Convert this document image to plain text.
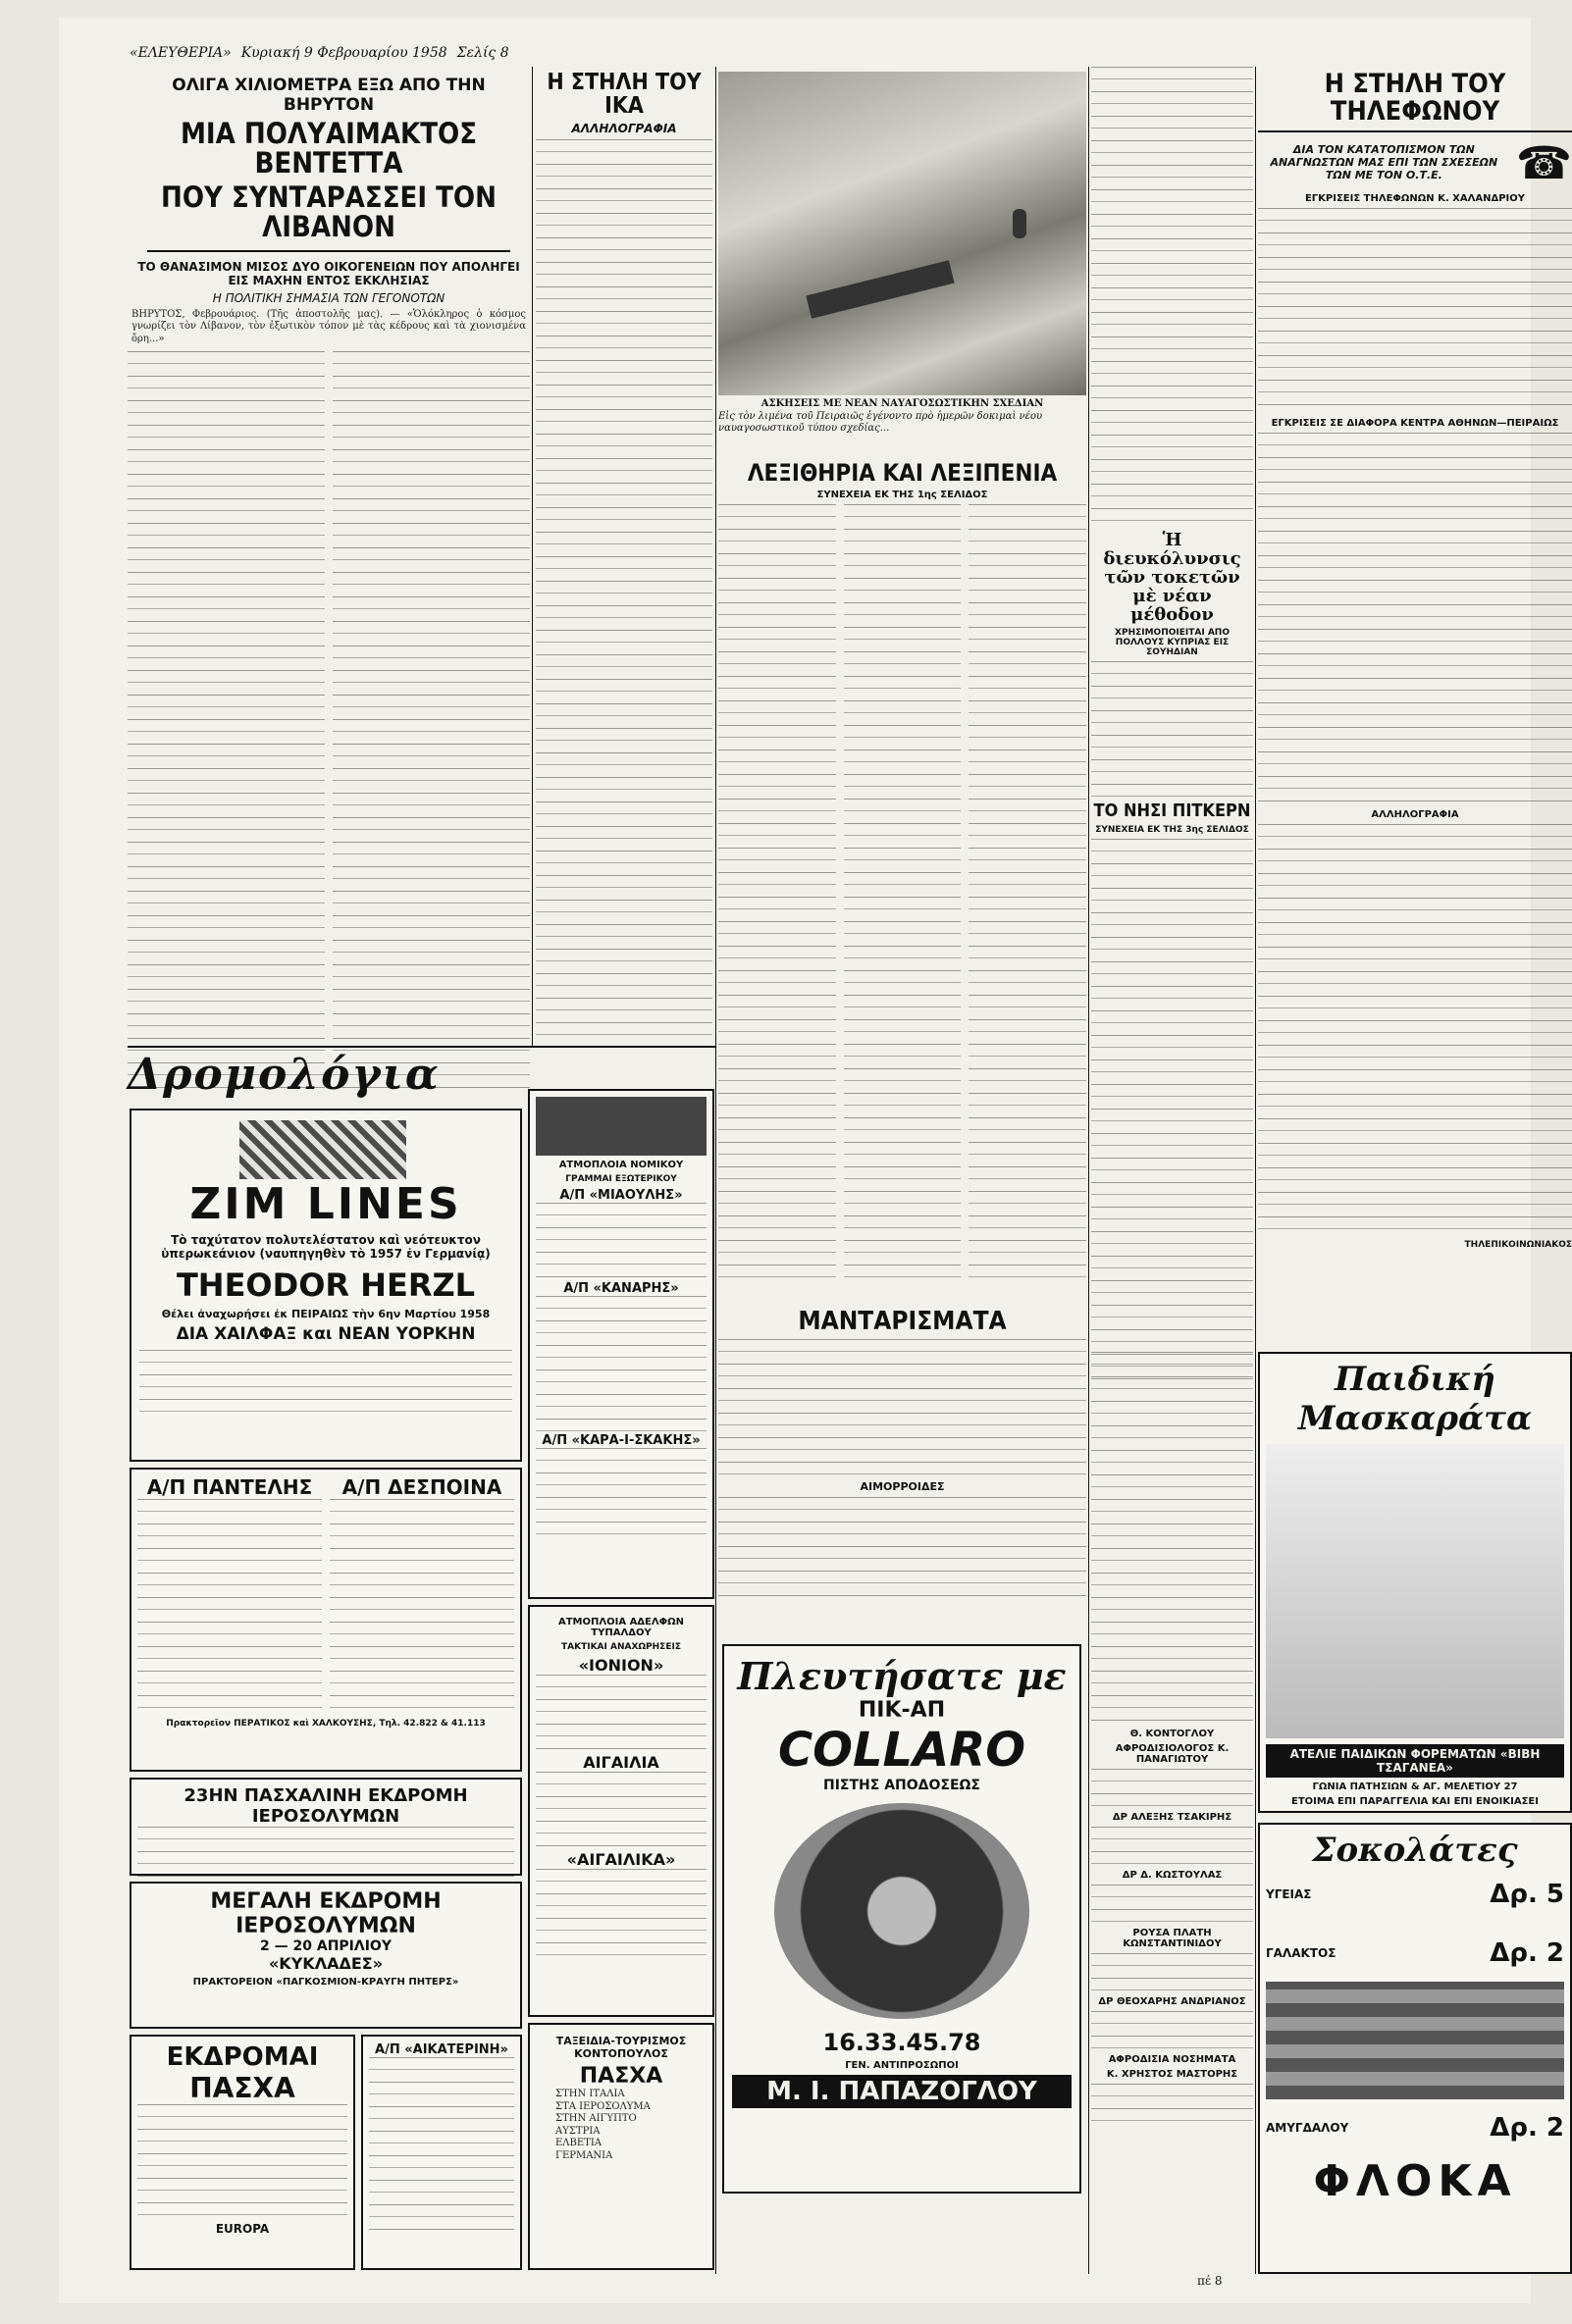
«ΕΛΕΥΘΕΡΙΑ» Κυριακή 9 Φεβρουαρίου 1958 Σελίς 8
ΟΛΙΓΑ ΧΙΛΙΟΜΕΤΡΑ ΕΞΩ ΑΠΟ ΤΗΝ ΒΗΡΥΤΟΝ
ΜΙΑ ΠΟΛΥΑΙΜΑΚΤΟΣ ΒΕΝΤΕΤΤΑ
ΠΟΥ ΣΥΝΤΑΡΑΣΣΕΙ ΤΟΝ ΛΙΒΑΝΟΝ
ΤΟ ΘΑΝΑΣΙΜΟΝ ΜΙΣΟΣ ΔΥΟ ΟΙΚΟΓΕΝΕΙΩΝ ΠΟΥ ΑΠΟΛΗΓΕΙ ΕΙΣ ΜΑΧΗΝ ΕΝΤΟΣ ΕΚΚΛΗΣΙΑΣ
Η ΠΟΛΙΤΙΚΗ ΣΗΜΑΣΙΑ ΤΩΝ ΓΕΓΟΝΟΤΩΝ
ΒΗΡΥΤΟΣ, Φεβρουάριος. (Τῆς ἀποστολῆς μας). — «Ὁλόκληρος ὁ κόσμος γνωρίζει τὸν Λίβανον, τὸν ἐξωτικὸν τόπον μὲ τὰς κέδρους καὶ τὰ χιονισμένα ὄρη...»
Η ΣΤΗΛΗ ΤΟΥ ΙΚΑ
ΑΛΛΗΛΟΓΡΑΦΙΑ
ΑΣΚΗΣΕΙΣ ΜΕ ΝΕΑΝ ΝΑΥΑΓΟΣΩΣΤΙΚΗΝ ΣΧΕΔΙΑΝ
Εἰς τὸν λιμένα τοῦ Πειραιῶς ἐγένοντο πρὸ ἡμερῶν δοκιμαὶ νέου ναυαγοσωστικοῦ τύπου σχεδίας...
ΛΕΞΙΘΗΡΙΑ ΚΑΙ ΛΕΞΙΠΕΝΙΑ
ΣΥΝΕΧΕΙΑ ΕΚ ΤΗΣ 1ης ΣΕΛΙΔΟΣ
Η ΣΤΗΛΗ ΤΟΥ ΤΗΛΕΦΩΝΟΥ
ΔΙΑ ΤΟΝ ΚΑΤΑΤΟΠΙΣΜΟΝ ΤΩΝ ΑΝΑΓΝΩΣΤΩΝ ΜΑΣ ΕΠΙ ΤΩΝ ΣΧΕΣΕΩΝ ΤΩΝ ΜΕ ΤΟΝ Ο.Τ.Ε.	☎
ΕΓΚΡΙΣΕΙΣ ΤΗΛΕΦΩΝΩΝ Κ. ΧΑΛΑΝΔΡΙΟΥ
ΕΓΚΡΙΣΕΙΣ ΣΕ ΔΙΑΦΟΡΑ ΚΕΝΤΡΑ ΑΘΗΝΩΝ—ΠΕΙΡΑΙΩΣ
ΑΛΛΗΛΟΓΡΑΦΙΑ
ΤΗΛΕΠΙΚΟΙΝΩΝΙΑΚΟΣ
Ἡ διευκόλυνσις τῶν τοκετῶν μὲ νέαν μέθοδον
ΧΡΗΣΙΜΟΠΟΙΕΙΤΑΙ ΑΠΟ ΠΟΛΛΟΥΣ ΚΥΠΡΙΑΣ ΕΙΣ ΣΟΥΗΔΙΑΝ
ΤΟ ΝΗΣΙ ΠΙΤΚΕΡΝ
ΣΥΝΕΧΕΙΑ ΕΚ ΤΗΣ 3ης ΣΕΛΙΔΟΣ
Δρομολόγια
ZIM LINES
Τὸ ταχύτατον πολυτελέστατον καὶ νεότευκτον ὑπερωκεάνιον (ναυπηγηθὲν τὸ 1957 ἐν Γερμανίᾳ)
THEODOR HERZL
Θέλει ἀναχωρήσει ἐκ ΠΕΙΡΑΙΩΣ τὴν 6ην Μαρτίου 1958
ΔΙΑ ΧΑΙΛΦΑΞ και ΝΕΑΝ ΥΟΡΚΗΝ
ΑΤΜΟΠΛΟΙΑ ΝΟΜΙΚΟΥ
ΓΡΑΜΜΑΙ ΕΞΩΤΕΡΙΚΟΥ
Α/Π «ΜΙΑΟΥΛΗΣ»
Α/Π «ΚΑΝΑΡΗΣ»
Α/Π «ΚΑΡΑ-Ι-ΣΚΑΚΗΣ»
Α/Π ΠΑΝΤΕΛΗΣ	Α/Π ΔΕΣΠΟΙΝΑ
Πρακτορεῖον ΠΕΡΑΤΙΚΟΣ καὶ ΧΑΛΚΟΥΣΗΣ, Τηλ. 42.822 & 41.113
ΑΤΜΟΠΛΟΙΑ ΑΔΕΛΦΩΝ ΤΥΠΑΛΔΟΥ
ΤΑΚΤΙΚΑΙ ΑΝΑΧΩΡΗΣΕΙΣ
«ΙΟΝΙΟΝ»
ΑΙΓΑΙΛΙΑ
«ΑΙΓΑΙΛΙΚΑ»
23ΗΝ ΠΑΣΧΑΛΙΝΗ ΕΚΔΡΟΜΗ ΙΕΡΟΣΟΛΥΜΩΝ
ΜΕΓΑΛΗ ΕΚΔΡΟΜΗ ΙΕΡΟΣΟΛΥΜΩΝ
2 — 20 ΑΠΡΙΛΙΟΥ
«ΚΥΚΛΑΔΕΣ»
ΠΡΑΚΤΟΡΕΙΟΝ «ΠΑΓΚΟΣΜΙΟΝ-ΚΡΑΥΓΗ ΠΗΤΕΡΣ»
ΕΚΔΡΟΜΑΙ
ΠΑΣΧΑ
EUROPA
Α/Π «ΑΙΚΑΤΕΡΙΝΗ»
ΤΑΞΕΙΔΙΑ-ΤΟΥΡΙΣΜΟΣ ΚΟΝΤΟΠΟΥΛΟΣ
ΠΑΣΧΑ
ΣΤΗΝ ΙΤΑΛΙΑ
ΣΤΑ ΙΕΡΟΣΟΛΥΜΑ
ΣΤΗΝ ΑΙΓΥΠΤΟ
ΑΥΣΤΡΙΑ
ΕΛΒΕΤΙΑ
ΓΕΡΜΑΝΙΑ
ΜΑΝΤΑΡΙΣΜΑΤΑ
ΑΙΜΟΡΡΟΙΔΕΣ
Πλευτήσατε με
ΠΙΚ-ΑΠ
COLLARO
ΠΙΣΤΗΣ ΑΠΟΔΟΣΕΩΣ
16.33.45.78
ΓΕΝ. ΑΝΤΙΠΡΟΣΩΠΟΙ
Μ. Ι. ΠΑΠΑΖΟΓΛΟΥ
Θ. ΚΟΝΤΟΓΛΟΥ
ΑΦΡΟΔΙΣΙΟΛΟΓΟΣ Κ. ΠΑΝΑΓΙΩΤΟΥ
ΔΡ ΑΛΕΞΗΣ ΤΣΑΚΙΡΗΣ
ΔΡ Δ. ΚΩΣΤΟΥΛΑΣ
ΡΟΥΣΑ ΠΛΑΤΗ ΚΩΝΣΤΑΝΤΙΝΙΔΟΥ
ΔΡ ΘΕΟΧΑΡΗΣ ΑΝΔΡΙΑΝΟΣ
ΑΦΡΟΔΙΣΙΑ ΝΟΣΗΜΑΤΑ
Κ. ΧΡΗΣΤΟΣ ΜΑΣΤΟΡΗΣ
Παιδική Μασκαράτα
ΑΤΕΛΙΕ ΠΑΙΔΙΚΩΝ ΦΟΡΕΜΑΤΩΝ «ΒΙΒΗ ΤΣΑΓΑΝΕΑ»
ΓΩΝΙΑ ΠΑΤΗΣΙΩΝ & ΑΓ. ΜΕΛΕΤΙΟΥ 27
ΕΤΟΙΜΑ ΕΠΙ ΠΑΡΑΓΓΕΛΙΑ ΚΑΙ ΕΠΙ ΕΝΟΙΚΙΑΣΕΙ
Σοκολάτες
ΥΓΕΙΑΣ	Δρ. 5
ΓΑΛΑΚΤΟΣ	Δρ. 2
ΑΜΥΓΔΑΛΟΥ	Δρ. 2
ΦΛΟΚΑ
πέ 8
